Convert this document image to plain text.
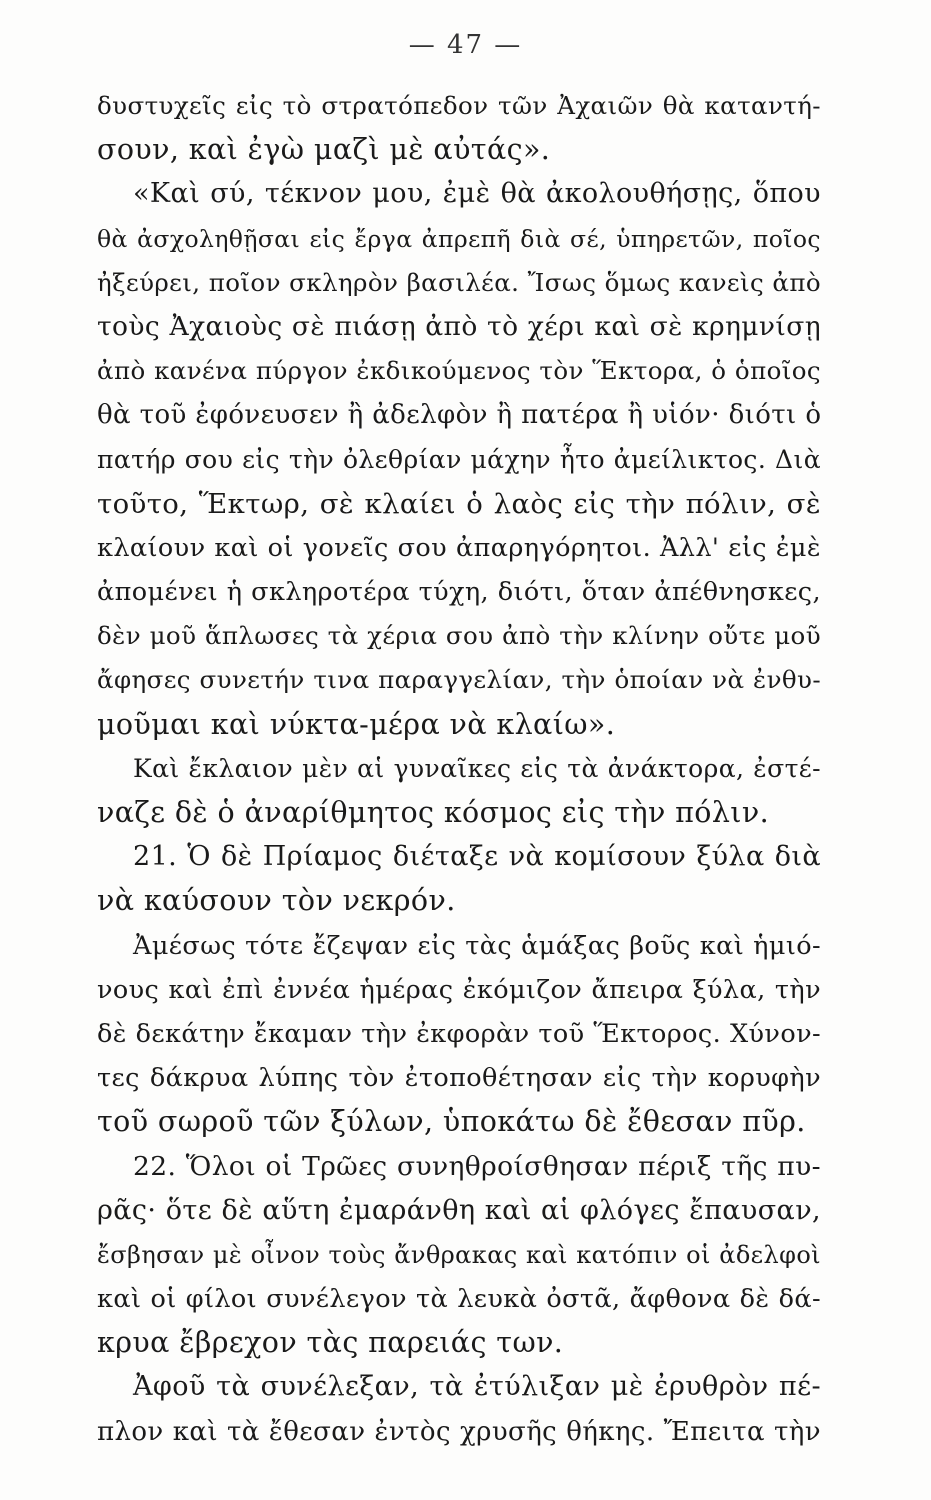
— 47 —
δυστυχεῖς εἰς τὸ στρατόπεδον τῶν Ἀχαιῶν θὰ καταντή-
σουν, καὶ ἐγὼ μαζὶ μὲ αὐτάς».
«Καὶ σύ, τέκνον μου, ἐμὲ θὰ ἀκολουθήσῃς, ὅπου
θὰ ἀσχοληθῇσαι εἰς ἔργα ἀπρεπῆ διὰ σέ, ὑπηρετῶν, ποῖος
ἠξεύρει, ποῖον σκληρὸν βασιλέα. Ἴσως ὅμως κανεὶς ἀπὸ
τοὺς Ἀχαιοὺς σὲ πιάσῃ ἀπὸ τὸ χέρι καὶ σὲ κρημνίσῃ
ἀπὸ κανένα πύργον ἐκδικούμενος τὸν Ἕκτορα, ὁ ὁποῖος
θὰ τοῦ ἐφόνευσεν ἢ ἀδελφὸν ἢ πατέρα ἢ υἱόν· διότι ὁ
πατήρ σου εἰς τὴν ὀλεθρίαν μάχην ἦτο ἀμείλικτος. Διὰ
τοῦτο, Ἕκτωρ, σὲ κλαίει ὁ λαὸς εἰς τὴν πόλιν, σὲ
κλαίουν καὶ οἱ γονεῖς σου ἀπαρηγόρητοι. Ἀλλ' εἰς ἐμὲ
ἀπομένει ἡ σκληροτέρα τύχη, διότι, ὅταν ἀπέθνησκες,
δὲν μοῦ ἅπλωσες τὰ χέρια σου ἀπὸ τὴν κλίνην οὔτε μοῦ
ἄφησες συνετήν τινα παραγγελίαν, τὴν ὁποίαν νὰ ἐνθυ-
μοῦμαι καὶ νύκτα-μέρα νὰ κλαίω».
Καὶ ἔκλαιον μὲν αἱ γυναῖκες εἰς τὰ ἀνάκτορα, ἐστέ-
ναζε δὲ ὁ ἀναρίθμητος κόσμος εἰς τὴν πόλιν.
21. Ὁ δὲ Πρίαμος διέταξε νὰ κομίσουν ξύλα διὰ
νὰ καύσουν τὸν νεκρόν.
Ἀμέσως τότε ἔζεψαν εἰς τὰς ἁμάξας βοῦς καὶ ἡμιό-
νους καὶ ἐπὶ ἐννέα ἡμέρας ἐκόμιζον ἄπειρα ξύλα, τὴν
δὲ δεκάτην ἔκαμαν τὴν ἐκφορὰν τοῦ Ἕκτορος. Χύνον-
τες δάκρυα λύπης τὸν ἐτοποθέτησαν εἰς τὴν κορυφὴν
τοῦ σωροῦ τῶν ξύλων, ὑποκάτω δὲ ἔθεσαν πῦρ.
22. Ὅλοι οἱ Τρῶες συνηθροίσθησαν πέριξ τῆς πυ-
ρᾶς· ὅτε δὲ αὕτη ἐμαράνθη καὶ αἱ φλόγες ἔπαυσαν,
ἔσβησαν μὲ οἶνον τοὺς ἄνθρακας καὶ κατόπιν οἱ ἀδελφοὶ
καὶ οἱ φίλοι συνέλεγον τὰ λευκὰ ὀστᾶ, ἄφθονα δὲ δά-
κρυα ἔβρεχον τὰς παρειάς των.
Ἀφοῦ τὰ συνέλεξαν, τὰ ἐτύλιξαν μὲ ἐρυθρὸν πέ-
πλον καὶ τὰ ἔθεσαν ἐντὸς χρυσῆς θήκης. Ἔπειτα τὴν
